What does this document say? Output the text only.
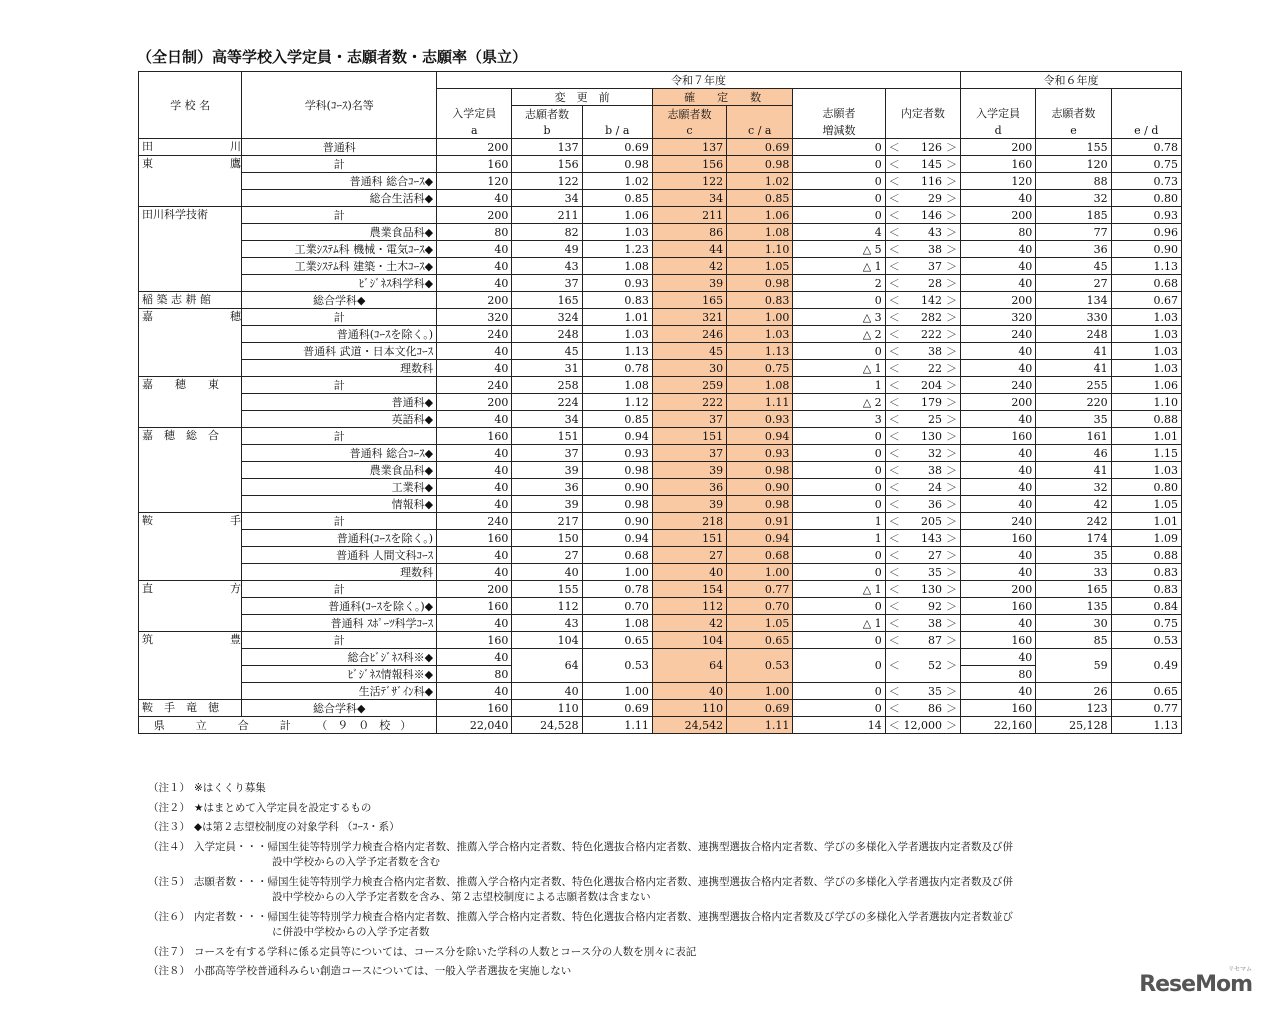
（全日制）高等学校入学定員・志願者数・志願率（県立）
学 校 名	学科(ｺｰｽ)名等	令和７年度							令和６年度		
			変　更　前		確　　定　　数						
		入学定員	志願者数		志願者数		志願者	内定者数	入学定員	志願者数	
		a	b	b / a	c	c / a	増減数		d	e	e / d
田　　　　　　　川	普通科	200	137	0.69	137	0.69	0	＜ 126 ＞	200	155	0.78
東　　　　　　　鷹	計	160	156	0.98	156	0.98	0	＜ 145 ＞	160	120	0.75
	普通科 総合ｺｰｽ◆	120	122	1.02	122	1.02	0	＜ 116 ＞	120	88	0.73
	総合生活科◆	40	34	0.85	34	0.85	0	＜ 29 ＞	40	32	0.80
田川科学技術	計	200	211	1.06	211	1.06	0	＜ 146 ＞	200	185	0.93
	農業食品科◆	80	82	1.03	86	1.08	4	＜ 43 ＞	80	77	0.96
	工業ｼｽﾃﾑ科 機械・電気ｺｰｽ◆	40	49	1.23	44	1.10	△ 5	＜ 38 ＞	40	36	0.90
	工業ｼｽﾃﾑ科 建築・土木ｺｰｽ◆	40	43	1.08	42	1.05	△ 1	＜ 37 ＞	40	45	1.13
	ﾋﾞｼﾞﾈｽ科学科◆	40	37	0.93	39	0.98	2	＜ 28 ＞	40	27	0.68
稲 築 志 耕 館	総合学科◆	200	165	0.83	165	0.83	0	＜ 142 ＞	200	134	0.67
嘉　　　　　　　穂	計	320	324	1.01	321	1.00	△ 3	＜ 282 ＞	320	330	1.03
	普通科(ｺｰｽを除く。)	240	248	1.03	246	1.03	△ 2	＜ 222 ＞	240	248	1.03
	普通科 武道・日本文化ｺｰｽ	40	45	1.13	45	1.13	0	＜ 38 ＞	40	41	1.03
	理数科	40	31	0.78	30	0.75	△ 1	＜ 22 ＞	40	41	1.03
嘉　　穂　　東	計	240	258	1.08	259	1.08	1	＜ 204 ＞	240	255	1.06
	普通科◆	200	224	1.12	222	1.11	△ 2	＜ 179 ＞	200	220	1.10
	英語科◆	40	34	0.85	37	0.93	3	＜ 25 ＞	40	35	0.88
嘉　穂　総　合	計	160	151	0.94	151	0.94	0	＜ 130 ＞	160	161	1.01
	普通科 総合ｺｰｽ◆	40	37	0.93	37	0.93	0	＜ 32 ＞	40	46	1.15
	農業食品科◆	40	39	0.98	39	0.98	0	＜ 38 ＞	40	41	1.03
	工業科◆	40	36	0.90	36	0.90	0	＜ 24 ＞	40	32	0.80
	情報科◆	40	39	0.98	39	0.98	0	＜ 36 ＞	40	42	1.05
鞍　　　　　　　手	計	240	217	0.90	218	0.91	1	＜ 205 ＞	240	242	1.01
	普通科(ｺｰｽを除く。)	160	150	0.94	151	0.94	1	＜ 143 ＞	160	174	1.09
	普通科 人間文科ｺｰｽ	40	27	0.68	27	0.68	0	＜ 27 ＞	40	35	0.88
	理数科	40	40	1.00	40	1.00	0	＜ 35 ＞	40	33	0.83
直　　　　　　　方	計	200	155	0.78	154	0.77	△ 1	＜ 130 ＞	200	165	0.83
	普通科(ｺｰｽを除く。)◆	160	112	0.70	112	0.70	0	＜ 92 ＞	160	135	0.84
	普通科 ｽﾎﾟｰﾂ科学ｺｰｽ	40	43	1.08	42	1.05	△ 1	＜ 38 ＞	40	30	0.75
筑　　　　　　　豊	計	160	104	0.65	104	0.65	0	＜ 87 ＞	160	85	0.53
	総合ﾋﾞｼﾞﾈｽ科※◆	40	64	0.53	64	0.53	0	＜ 52 ＞	40	59	0.49
	ﾋﾞｼﾞﾈｽ情報科※◆	80							80		
	生活ﾃﾞｻﾞｲﾝ科◆	40	40	1.00	40	1.00	0	＜ 35 ＞	40	26	0.65
鞍　手　竜　徳	総合学科◆	160	110	0.69	110	0.69	0	＜ 86 ＞	160	123	0.77
県　立　合　計　（９０校）		22,040	24,528	1.11	24,542	1.11	14	＜ 12,000 ＞	22,160	25,128	1.13
（注１） ※はくくり募集
（注２） ★はまとめて入学定員を設定するもの
（注３） ◆は第２志望校制度の対象学科 （ｺｰｽ・系）
（注４） 入学定員・・・帰国生徒等特別学力検査合格内定者数、推薦入学合格内定者数、特色化選抜合格内定者数、連携型選抜合格内定者数、学びの多様化入学者選抜内定者数及び併
設中学校からの入学予定者数を含む
（注５） 志願者数・・・帰国生徒等特別学力検査合格内定者数、推薦入学合格内定者数、特色化選抜合格内定者数、連携型選抜合格内定者数、学びの多様化入学者選抜内定者数及び併
設中学校からの入学予定者数を含み、第２志望校制度による志願者数は含まない
（注６） 内定者数・・・帰国生徒等特別学力検査合格内定者数、推薦入学合格内定者数、特色化選抜合格内定者数、連携型選抜合格内定者数及び学びの多様化入学者選抜内定者数並び
に併設中学校からの入学予定者数
（注７） コースを有する学科に係る定員等については、コース分を除いた学科の人数とコース分の人数を別々に表記
（注８） 小郡高等学校普通科みらい創造コースについては、一般入学者選抜を実施しない	リセマム
ReseMom
